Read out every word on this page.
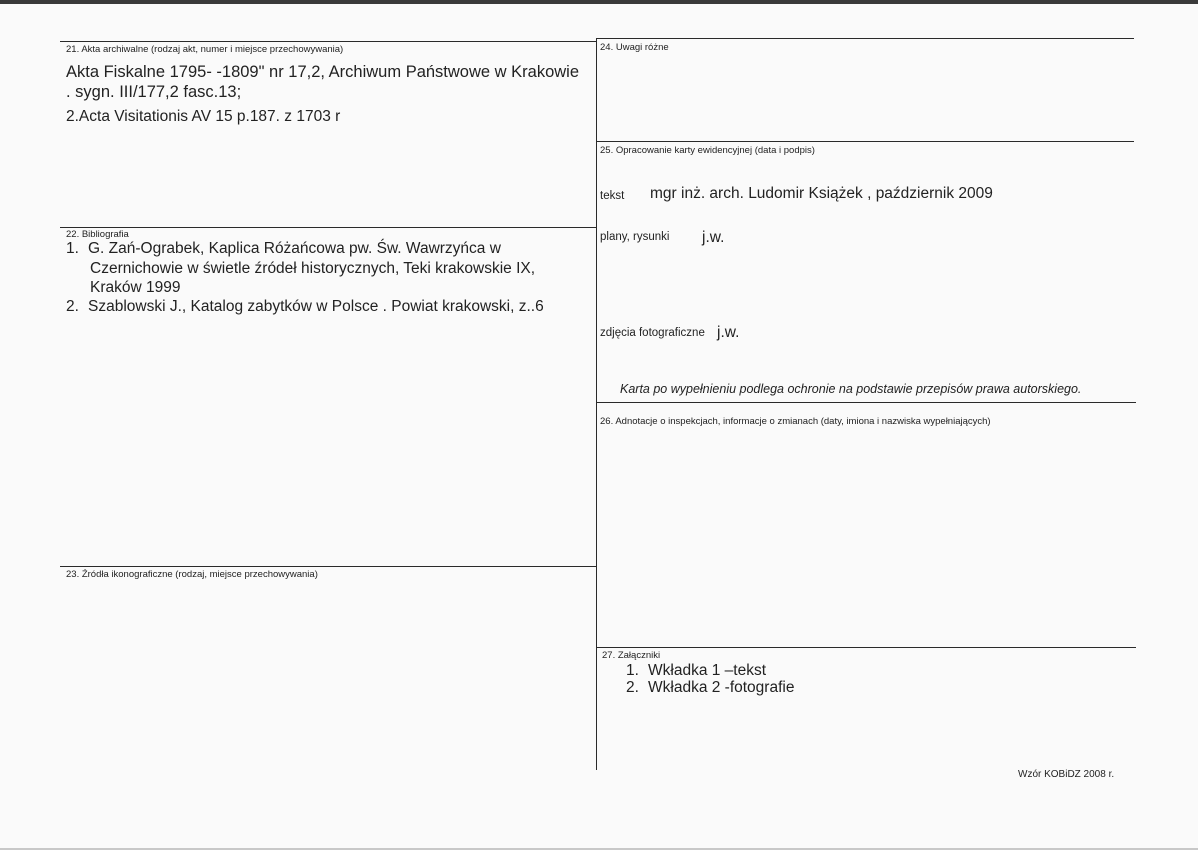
21. Akta archiwalne (rodzaj akt, numer i miejsce przechowywania)
Akta Fiskalne 1795- -1809" nr 17,2, Archiwum Państwowe w Krakowie
. sygn. III/177,2 fasc.13;
2.Acta Visitationis AV 15 p.187. z 1703 r
22. Bibliografia
1. G. Zań-Ograbek, Kaplica Różańcowa pw. Św. Wawrzyńca w
Czernichowie w świetle źródeł historycznych, Teki krakowskie IX,
Kraków 1999
2. Szablowski J., Katalog zabytków w Polsce . Powiat krakowski, z..6
23. Źródła ikonograficzne (rodzaj, miejsce przechowywania)
24. Uwagi różne
25. Opracowanie karty ewidencyjnej (data i podpis)
tekst mgr inż. arch. Ludomir Książek , październik 2009
plany, rysunki j.w.
zdjęcia fotograficzne j.w.
Karta po wypełnieniu podlega ochronie na podstawie przepisów prawa autorskiego.
26. Adnotacje o inspekcjach, informacje o zmianach (daty, imiona i nazwiska wypełniających)
27. Załączniki
1. Wkładka 1 –tekst
2. Wkładka 2 -fotografie
Wzór KOBiDZ 2008 r.
